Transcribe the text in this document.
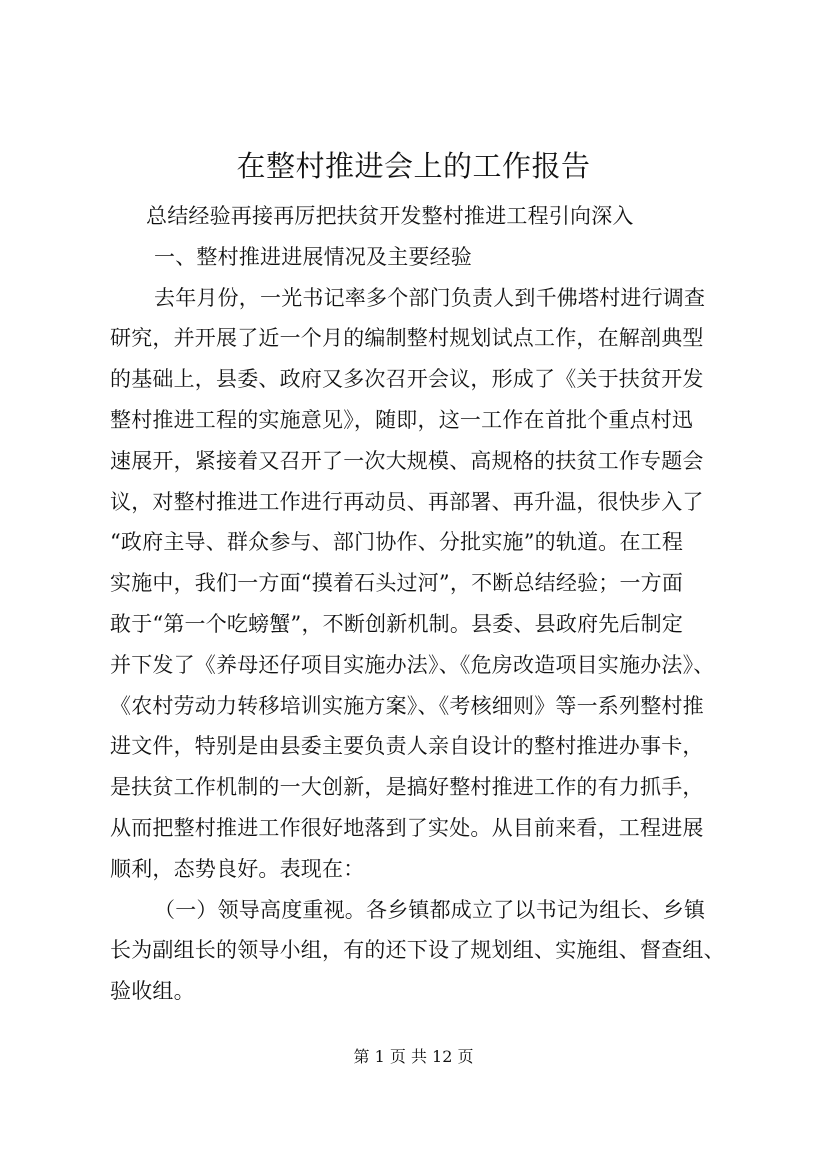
在整村推进会上的工作报告
总结经验再接再厉把扶贫开发整村推进工程引向深入
一、整村推进进展情况及主要经验
去年月份，一光书记率多个部门负责人到千佛塔村进行调查
研究，并开展了近一个月的编制整村规划试点工作，在解剖典型
的基础上，县委、政府又多次召开会议，形成了《关于扶贫开发
整村推进工程的实施意见》，随即，这一工作在首批个重点村迅
速展开，紧接着又召开了一次大规模、高规格的扶贫工作专题会
议，对整村推进工作进行再动员、再部署、再升温，很快步入了
“政府主导、群众参与、部门协作、分批实施”的轨道。在工程
实施中，我们一方面“摸着石头过河”，不断总结经验；一方面
敢于“第一个吃螃蟹”，不断创新机制。县委、县政府先后制定
并下发了《养母还仔项目实施办法》、《危房改造项目实施办法》、
《农村劳动力转移培训实施方案》、《考核细则》等一系列整村推
进文件，特别是由县委主要负责人亲自设计的整村推进办事卡，
是扶贫工作机制的一大创新，是搞好整村推进工作的有力抓手，
从而把整村推进工作很好地落到了实处。从目前来看，工程进展
顺利，态势良好。表现在：
（一）领导高度重视。各乡镇都成立了以书记为组长、乡镇
长为副组长的领导小组，有的还下设了规划组、实施组、督查组、
验收组。
第 1 页 共 12 页
